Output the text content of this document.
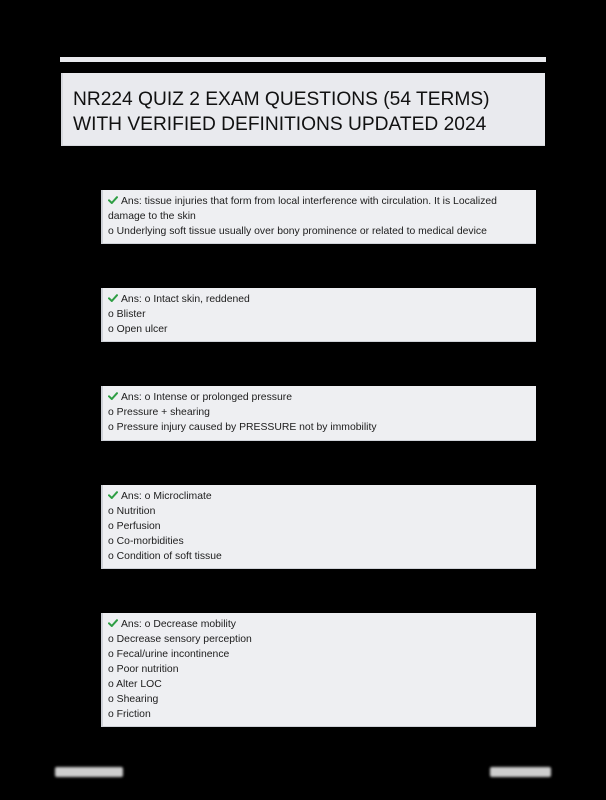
NR224 QUIZ 2 EXAM QUESTIONS (54 TERMS)
WITH VERIFIED DEFINITIONS UPDATED 2024
Ans: tissue injuries that form from local interference with circulation. It is Localized
damage to the skin
o Underlying soft tissue usually over bony prominence or related to medical device
Ans: o Intact skin, reddened
o Blister
o Open ulcer
Ans: o Intense or prolonged pressure
o Pressure + shearing
o Pressure injury caused by PRESSURE not by immobility
Ans: o Microclimate
o Nutrition
o Perfusion
o Co-morbidities
o Condition of soft tissue
Ans: o Decrease mobility
o Decrease sensory perception
o Fecal/urine incontinence
o Poor nutrition
o Alter LOC
o Shearing
o Friction
